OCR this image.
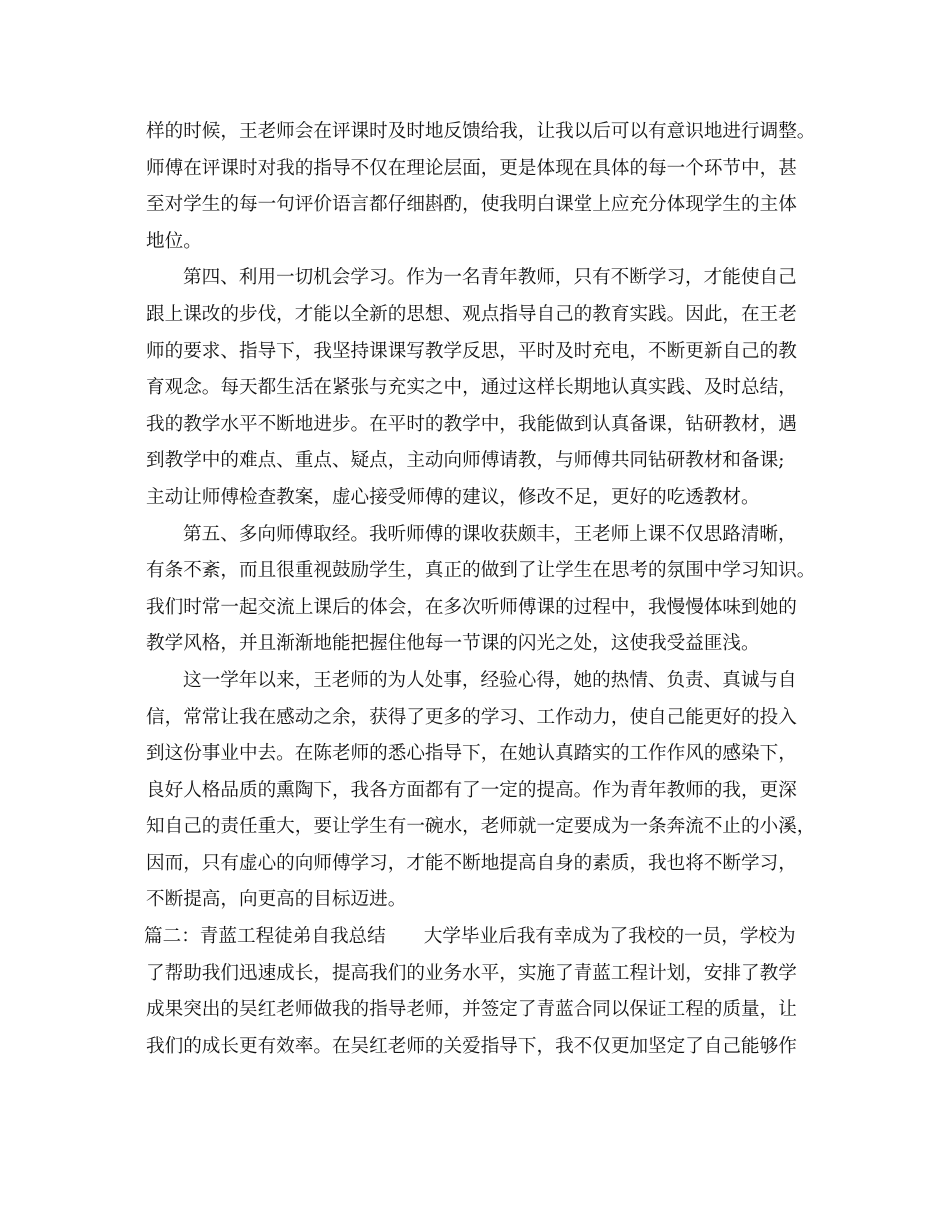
样的时候，王老师会在评课时及时地反馈给我，让我以后可以有意识地进行调整。
师傅在评课时对我的指导不仅在理论层面，更是体现在具体的每一个环节中，甚
至对学生的每一句评价语言都仔细斟酌，使我明白课堂上应充分体现学生的主体
地位。
第四、利用一切机会学习。作为一名青年教师，只有不断学习，才能使自己
跟上课改的步伐，才能以全新的思想、观点指导自己的教育实践。因此，在王老
师的要求、指导下，我坚持课课写教学反思，平时及时充电，不断更新自己的教
育观念。每天都生活在紧张与充实之中，通过这样长期地认真实践、及时总结，
我的教学水平不断地进步。在平时的教学中，我能做到认真备课，钻研教材，遇
到教学中的难点、重点、疑点，主动向师傅请教，与师傅共同钻研教材和备课;
主动让师傅检查教案，虚心接受师傅的建议，修改不足，更好的吃透教材。
第五、多向师傅取经。我听师傅的课收获颇丰，王老师上课不仅思路清晰，
有条不紊，而且很重视鼓励学生，真正的做到了让学生在思考的氛围中学习知识。
我们时常一起交流上课后的体会，在多次听师傅课的过程中，我慢慢体味到她的
教学风格，并且渐渐地能把握住他每一节课的闪光之处，这使我受益匪浅。
这一学年以来，王老师的为人处事，经验心得，她的热情、负责、真诚与自
信，常常让我在感动之余，获得了更多的学习、工作动力，使自己能更好的投入
到这份事业中去。在陈老师的悉心指导下，在她认真踏实的工作作风的感染下，
良好人格品质的熏陶下，我各方面都有了一定的提高。作为青年教师的我，更深
知自己的责任重大，要让学生有一碗水，老师就一定要成为一条奔流不止的小溪，
因而，只有虚心的向师傅学习，才能不断地提高自身的素质，我也将不断学习，
不断提高，向更高的目标迈进。
篇二：青蓝工程徒弟自我总结 大学毕业后我有幸成为了我校的一员，学校为
了帮助我们迅速成长，提高我们的业务水平，实施了青蓝工程计划，安排了教学
成果突出的吴红老师做我的指导老师，并签定了青蓝合同以保证工程的质量，让
我们的成长更有效率。在吴红老师的关爱指导下，我不仅更加坚定了自己能够作
